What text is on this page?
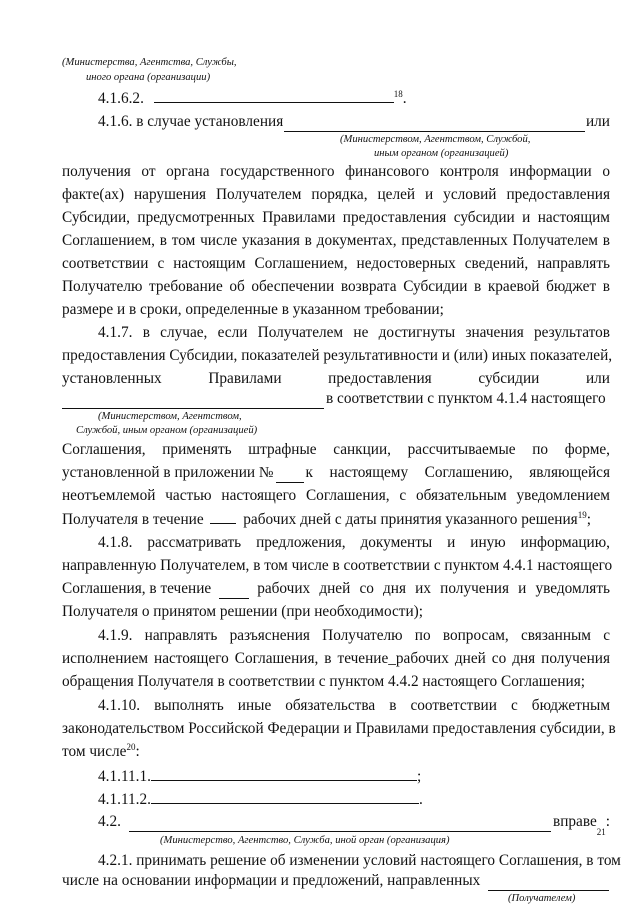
(Министерства, Агентства, Службы,
иного органа (организации)
4.1.6.2.	$^{18}$.
4.1.6. в случае установления	или
(Министерством, Агентством, Службой,
иным органом (организацией)
получения от органа государственного финансового контроля информации о
факте(ах) нарушения Получателем порядка, целей и условий предоставления
Субсидии, предусмотренных Правилами предоставления субсидии и настоящим
Соглашением, в том числе указания в документах, представленных Получателем в
соответствии с настоящим Соглашением, недостоверных сведений, направлять
Получателю требование об обеспечении возврата Субсидии в краевой бюджет в
размере и в сроки, определенные в указанном требовании;
4.1.7. в случае, если Получателем не достигнуты значения результатов
предоставления Субсидии, показателей результативности и (или) иных показателей,
установленных Правилами предоставления субсидии или
в соответствии с пунктом 4.1.4 настоящего
(Министерством, Агентством,
Службой, иным органом (организацией)
Соглашения, применять штрафные санкции, рассчитываемые по форме,
установленной в приложении № к настоящему Соглашению, являющейся
неотъемлемой частью настоящего Соглашения, с обязательным уведомлением
Получателя в течение	рабочих дней с даты принятия указанного решения$^{19}$;
4.1.8. рассматривать предложения, документы и иную информацию,
направленную Получателем, в том числе в соответствии с пунктом 4.4.1 настоящего
Соглашения, в течение	рабочих дней со дня их получения и уведомлять
Получателя о принятом решении (при необходимости);
4.1.9. направлять разъяснения Получателю по вопросам, связанным с
исполнением настоящего Соглашения, в течение_рабочих дней со дня получения
обращения Получателя в соответствии с пунктом 4.4.2 настоящего Соглашения;
4.1.10. выполнять иные обязательства в соответствии с бюджетным
законодательством Российской Федерации и Правилами предоставления субсидии, в
том числе$^{20}$:
4.1.11.1.	;
4.1.11.2.	.
4.2.	вправе
21
:
(Министерство, Агентство, Служба, иной орган (организация)
4.2.1. принимать решение об изменении условий настоящего Соглашения, в том
числе на основании информации и предложений, направленных
(Получателем)
